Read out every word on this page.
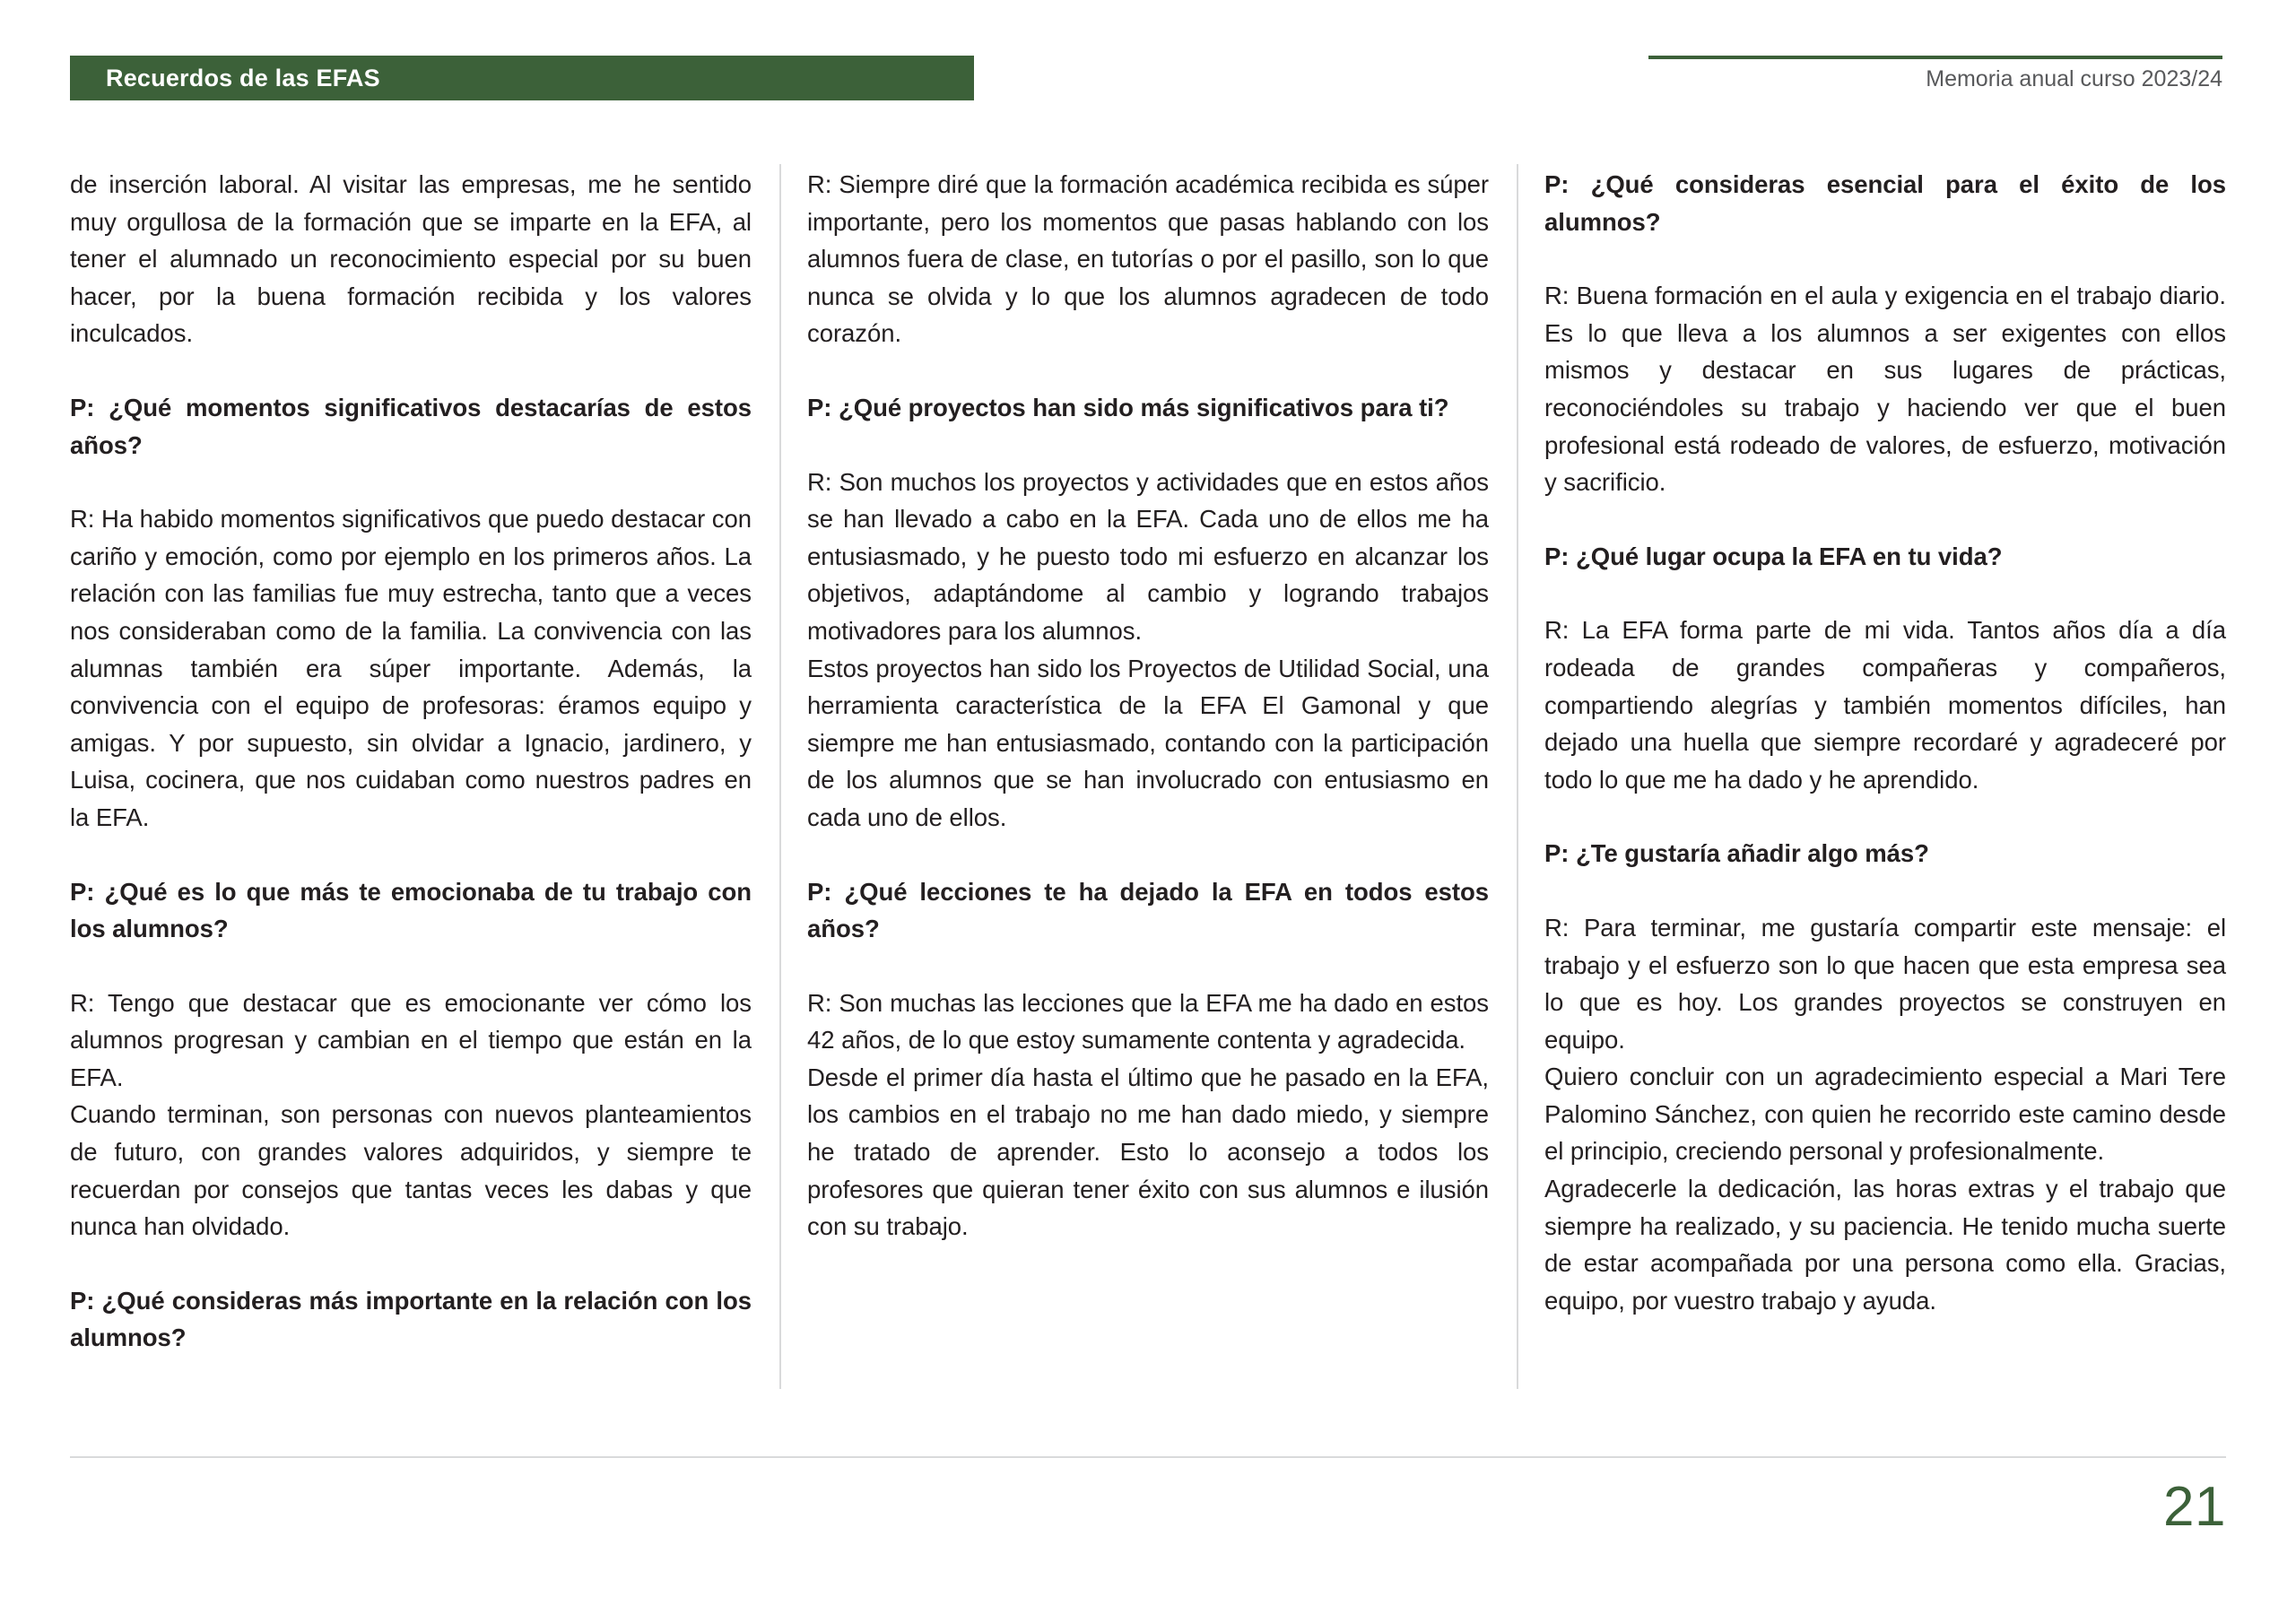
Recuerdos de las EFAS	Memoria anual curso 2023/24

de inserción laboral. Al visitar las empresas, me he sentido muy orgullosa de la formación que se imparte en la EFA, al tener el alumnado un reconocimiento especial por su buen hacer, por la buena formación recibida y los valores inculcados.

P: ¿Qué momentos significativos destacarías de estos años?

R: Ha habido momentos significativos que puedo destacar con cariño y emoción, como por ejemplo en los primeros años. La relación con las familias fue muy estrecha, tanto que a veces nos consideraban como de la familia. La convivencia con las alumnas también era súper importante. Además, la convivencia con el equipo de profesoras: éramos equipo y amigas. Y por supuesto, sin olvidar a Ignacio, jardinero, y Luisa, cocinera, que nos cuidaban como nuestros padres en la EFA.

P: ¿Qué es lo que más te emocionaba de tu trabajo con los alumnos?

R: Tengo que destacar que es emocionante ver cómo los alumnos progresan y cambian en el tiempo que están en la EFA.

Cuando terminan, son personas con nuevos planteamientos de futuro, con grandes valores adquiridos, y siempre te recuerdan por consejos que tantas veces les dabas y que nunca han olvidado.

P: ¿Qué consideras más importante en la relación con los alumnos?

R: Siempre diré que la formación académica recibida es súper importante, pero los momentos que pasas hablando con los alumnos fuera de clase, en tutorías o por el pasillo, son lo que nunca se olvida y lo que los alumnos agradecen de todo corazón.

P: ¿Qué proyectos han sido más significativos para ti?

R: Son muchos los proyectos y actividades que en estos años se han llevado a cabo en la EFA. Cada uno de ellos me ha entusiasmado, y he puesto todo mi esfuerzo en alcanzar los objetivos, adaptándome al cambio y logrando trabajos motivadores para los alumnos.

Estos proyectos han sido los Proyectos de Utilidad Social, una herramienta característica de la EFA El Gamonal y que siempre me han entusiasmado, contando con la participación de los alumnos que se han involucrado con entusiasmo en cada uno de ellos.

P: ¿Qué lecciones te ha dejado la EFA en todos estos años?

R: Son muchas las lecciones que la EFA me ha dado en estos 42 años, de lo que estoy sumamente contenta y agradecida.

Desde el primer día hasta el último que he pasado en la EFA, los cambios en el trabajo no me han dado miedo, y siempre he tratado de aprender. Esto lo aconsejo a todos los profesores que quieran tener éxito con sus alumnos e ilusión con su trabajo.

P: ¿Qué consideras esencial para el éxito de los alumnos?

R: Buena formación en el aula y exigencia en el trabajo diario. Es lo que lleva a los alumnos a ser exigentes con ellos mismos y destacar en sus lugares de prácticas, reconociéndoles su trabajo y haciendo ver que el buen profesional está rodeado de valores, de esfuerzo, motivación y sacrificio.

P: ¿Qué lugar ocupa la EFA en tu vida?

R: La EFA forma parte de mi vida. Tantos años día a día rodeada de grandes compañeras y compañeros, compartiendo alegrías y también momentos difíciles, han dejado una huella que siempre recordaré y agradeceré por todo lo que me ha dado y he aprendido.

P: ¿Te gustaría añadir algo más?

R: Para terminar, me gustaría compartir este mensaje: el trabajo y el esfuerzo son lo que hacen que esta empresa sea lo que es hoy. Los grandes proyectos se construyen en equipo.

Quiero concluir con un agradecimiento especial a Mari Tere Palomino Sánchez, con quien he recorrido este camino desde el principio, creciendo personal y profesionalmente.

Agradecerle la dedicación, las horas extras y el trabajo que siempre ha realizado, y su paciencia. He tenido mucha suerte de estar acompañada por una persona como ella. Gracias, equipo, por vuestro trabajo y ayuda.

21
